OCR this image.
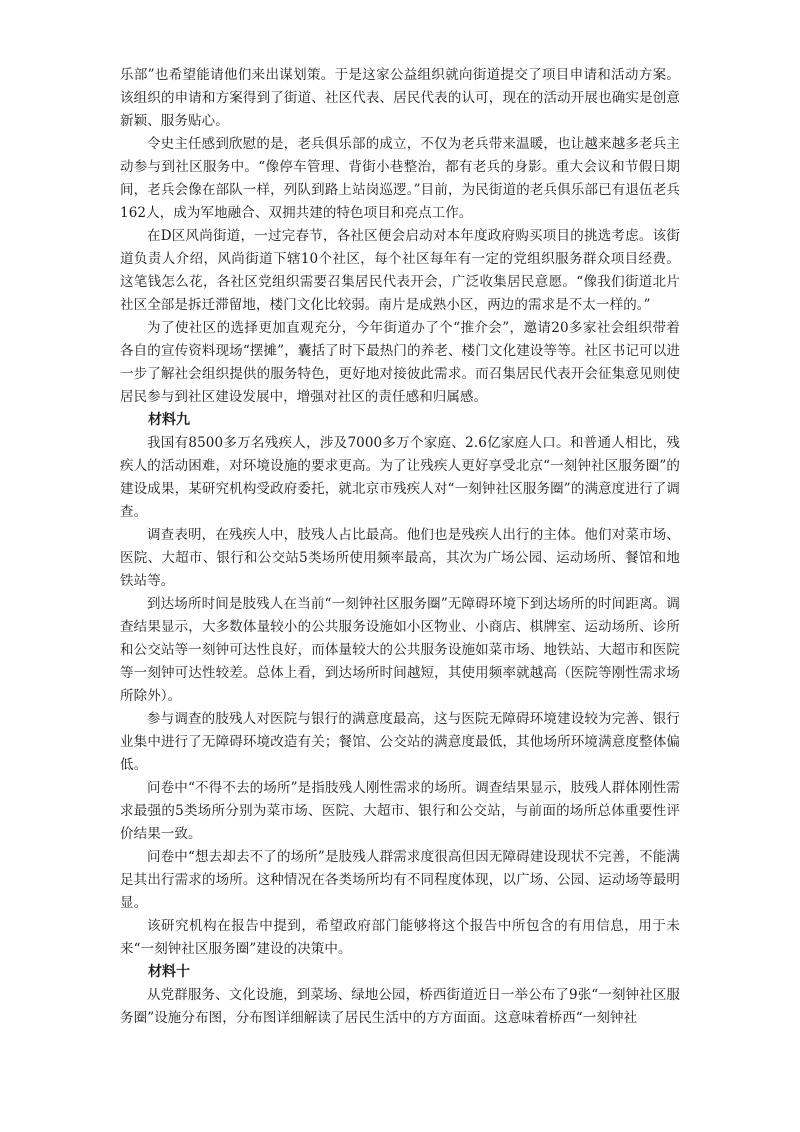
乐部”也希望能请他们来出谋划策。于是这家公益组织就向街道提交了项目申请和活动方案。该组织的申请和方案得到了街道、社区代表、居民代表的认可，现在的活动开展也确实是创意新颖、服务贴心。

令史主任感到欣慰的是，老兵俱乐部的成立，不仅为老兵带来温暖，也让越来越多老兵主动参与到社区服务中。“像停车管理、背街小巷整治，都有老兵的身影。重大会议和节假日期间，老兵会像在部队一样，列队到路上站岗巡逻。”目前，为民街道的老兵俱乐部已有退伍老兵162人，成为军地融合、双拥共建的特色项目和亮点工作。

在D区风尚街道，一过完春节，各社区便会启动对本年度政府购买项目的挑选考虑。该街道负责人介绍，风尚街道下辖10个社区，每个社区每年有一定的党组织服务群众项目经费。这笔钱怎么花，各社区党组织需要召集居民代表开会，广泛收集居民意愿。“像我们街道北片社区全部是拆迁滞留地，楼门文化比较弱。南片是成熟小区，两边的需求是不太一样的。”

为了使社区的选择更加直观充分，今年街道办了个“推介会”，邀请20多家社会组织带着各自的宣传资料现场“摆摊”，囊括了时下最热门的养老、楼门文化建设等等。社区书记可以进一步了解社会组织提供的服务特色，更好地对接彼此需求。而召集居民代表开会征集意见则使居民参与到社区建设发展中，增强对社区的责任感和归属感。

材料九

我国有8500多万名残疾人，涉及7000多万个家庭、2.6亿家庭人口。和普通人相比，残疾人的活动困难，对环境设施的要求更高。为了让残疾人更好享受北京“一刻钟社区服务圈”的建设成果，某研究机构受政府委托，就北京市残疾人对“一刻钟社区服务圈”的满意度进行了调查。

调查表明，在残疾人中，肢残人占比最高。他们也是残疾人出行的主体。他们对菜市场、医院、大超市、银行和公交站5类场所使用频率最高，其次为广场公园、运动场所、餐馆和地铁站等。

到达场所时间是肢残人在当前“一刻钟社区服务圈”无障碍环境下到达场所的时间距离。调查结果显示，大多数体量较小的公共服务设施如小区物业、小商店、棋牌室、运动场所、诊所和公交站等一刻钟可达性良好，而体量较大的公共服务设施如菜市场、地铁站、大超市和医院等一刻钟可达性较差。总体上看，到达场所时间越短，其使用频率就越高（医院等刚性需求场所除外）。

参与调查的肢残人对医院与银行的满意度最高，这与医院无障碍环境建设较为完善、银行业集中进行了无障碍环境改造有关；餐馆、公交站的满意度最低，其他场所环境满意度整体偏低。

问卷中“不得不去的场所”是指肢残人刚性需求的场所。调查结果显示，肢残人群体刚性需求最强的5类场所分别为菜市场、医院、大超市、银行和公交站，与前面的场所总体重要性评价结果一致。

问卷中“想去却去不了的场所”是肢残人群需求度很高但因无障碍建设现状不完善，不能满足其出行需求的场所。这种情况在各类场所均有不同程度体现，以广场、公园、运动场等最明显。

该研究机构在报告中提到，希望政府部门能够将这个报告中所包含的有用信息，用于未来“一刻钟社区服务圈”建设的决策中。

材料十

从党群服务、文化设施，到菜场、绿地公园，桥西街道近日一举公布了9张“一刻钟社区服务圈”设施分布图，分布图详细解读了居民生活中的方方面面。这意味着桥西“一刻钟社
